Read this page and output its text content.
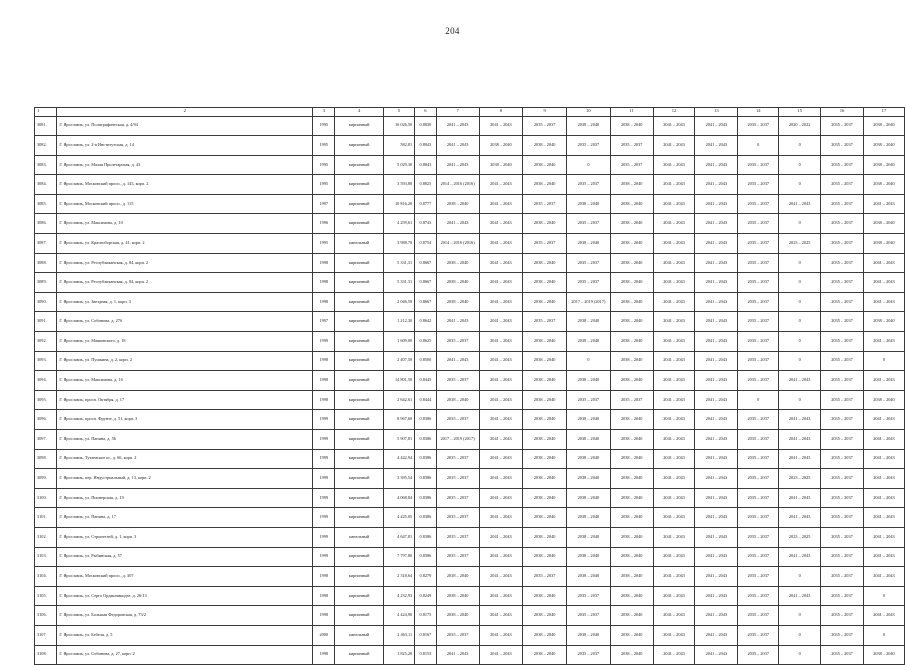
204
1	2	3	4	5	6	7	8	9	10	11	12	13	14	15	16	17
3081.	Г. Ярославль, ул. Полиграфическая, д. 4/94	1995	кирпичный	16 026,50	0.8830	2041 – 2043	2041 – 2043	2035 – 2037	2038 – 2040	2038 – 2040	2041 – 2043	2041 – 2043	2035 – 2037	2020 – 2022	2035 – 2037	2038 – 2040
3082.	Г. Ярославль, ул. 2-я Институтская, д. 14	1995	кирпичный	582,81	0.8843	2041 – 2043	2038 – 2040	2038 – 2040	2035 – 2037	2035 – 2037	2041 – 2043	2041 – 2043	0	0	2035 – 2037	2038 – 2040
3083.	Г. Ярославль, ул. Малая Пролетарская, д. 43	1995	кирпичный	5 029,30	0.8843	2041 – 2043	2038 – 2040	2038 – 2040	0	2035 – 2037	2041 – 2043	2041 – 2043	2035 – 2037	0	2035 – 2037	2038 – 2040
3084.	Г. Ярославль, Московский просп., д. 143, корп. 2	1995	кирпичный	3 593,80	0.8825	2014 – 2016 (2016)	2041 – 2043	2038 – 2040	2035 – 2037	2038 – 2040	2041 – 2043	2041 – 2043	2035 – 2037	0	2035 – 2037	2038 – 2040
3085.	Г. Ярославль, Московский просп., д. 115	1997	кирпичный	10 816,20	0.8777	2038 – 2040	2041 – 2043	2035 – 2037	2038 – 2040	2038 – 2040	2041 – 2043	2041 – 2043	2035 – 2037	2041 – 2043	2035 – 2037	2041 – 2043
3086.	Г. Ярославль, ул. Максимова, д. 10	1996	кирпичный	4 259,61	0.8743	2041 – 2043	2041 – 2043	2038 – 2040	2035 – 2037	2038 – 2040	2041 – 2043	2041 – 2043	2035 – 2037	0	2035 – 2037	2038 – 2040
3087.	Г. Ярославль, ул. Красноборская, д. 41, корп. 2	1995	панельный	3 988,70	0.8754	2014 – 2016 (2016)	2041 – 2043	2035 – 2037	2038 – 2040	2038 – 2040	2041 – 2043	2041 – 2043	2035 – 2037	2023 – 2025	2035 – 2037	2038 – 2040
3088.	Г. Ярославль, ул. Республиканская, д. 84, корп. 2	1998	кирпичный	5 331,31	0.8667	2038 – 2040	2041 – 2043	2038 – 2040	2035 – 2037	2038 – 2040	2041 – 2043	2041 – 2043	2035 – 2037	0	2035 – 2037	2041 – 2043
3089.	Г. Ярославль, ул. Республиканская, д. 84, корп. 2	1998	кирпичный	5 331,31	0.8667	2038 – 2040	2041 – 2043	2038 – 2040	2035 – 2037	2038 – 2040	2041 – 2043	2041 – 2043	2035 – 2037	0	2035 – 2037	2041 – 2043
3090.	Г. Ярославль, ул. Звездная, д. 1, корп. 3	1998	кирпичный	2 046,59	0.8667	2038 – 2040	2041 – 2043	2038 – 2040	2017 – 2019 (2017)	2038 – 2040	2041 – 2043	2041 – 2043	2035 – 2037	0	2035 – 2037	2041 – 2043
3091.	Г. Ярославль, ул. Собинова, д. 27б	1997	кирпичный	1 212,30	0.8642	2041 – 2043	2041 – 2043	2035 – 2037	2038 – 2040	2038 – 2040	2041 – 2043	2041 – 2043	2035 – 2037	0	2035 – 2037	2038 – 2040
3092.	Г. Ярославль, ул. Маяковского, д. 18	1999	кирпичный	1 609,00	0.8625	2035 – 2037	2041 – 2043	2038 – 2040	2038 – 2040	2038 – 2040	2041 – 2043	2041 – 2043	2035 – 2037	0	2035 – 2037	2041 – 2043
3093.	Г. Ярославль, ул. Пушкина, д. 2, корп. 2	1998	кирпичный	2 407,50	0.8500	2041 – 2043	2041 – 2043	2038 – 2040	0	2038 – 2040	2041 – 2043	2041 – 2043	2035 – 2037	0	2035 – 2037	0
3094.	Г. Ярославль, ул. Максимова, д. 16	1998	кирпичный	14 801,50	0.8445	2035 – 2037	2041 – 2043	2038 – 2040	2038 – 2040	2038 – 2040	2041 – 2043	2041 – 2043	2035 – 2037	2041 – 2043	2035 – 2037	2041 – 2043
3095.	Г. Ярославль, просп. Октября, д. 17	1998	кирпичный	2 642,61	0.8444	2038 – 2040	2041 – 2043	2038 – 2040	2035 – 2037	2035 – 2037	2041 – 2043	2041 – 2043	0	0	2035 – 2037	2038 – 2040
3096.	Г. Ярославль, просп. Фрунзе, д. 51, корп. 3	1999	кирпичный	8 967,60	0.8386	2035 – 2037	2041 – 2043	2038 – 2040	2038 – 2040	2038 – 2040	2041 – 2043	2041 – 2043	2035 – 2037	2041 – 2043	2035 – 2037	2041 – 2043
3097.	Г. Ярославль, ул. Панина, д. 56	1999	кирпичный	5 907,81	0.8386	2017 – 2019 (2017)	2041 – 2043	2038 – 2040	2038 – 2040	2038 – 2040	2041 – 2043	2041 – 2043	2035 – 2037	2041 – 2043	2035 – 2037	2041 – 2043
3098.	Г. Ярославль, Тутаевское ш., д. 66, корп. 2	1999	кирпичный	4 442,94	0.8386	2035 – 2037	2041 – 2043	2038 – 2040	2038 – 2040	2038 – 2040	2041 – 2043	2041 – 2043	2035 – 2037	2041 – 2043	2035 – 2037	2041 – 2043
3099.	Г. Ярославль, пер. Индустриальный, д. 13, корп. 2	1999	кирпичный	3 395,54	0.8386	2035 – 2037	2041 – 2043	2038 – 2040	2038 – 2040	2038 – 2040	2041 – 2043	2041 – 2043	2035 – 2037	2023 – 2025	2035 – 2037	2041 – 2043
3100.	Г. Ярославль, ул. Пионерская, д. 19	1999	кирпичный	4 068,84	0.8386	2035 – 2037	2041 – 2043	2038 – 2040	2038 – 2040	2038 – 2040	2041 – 2043	2041 – 2043	2035 – 2037	2041 – 2043	2035 – 2037	2041 – 2043
3101.	Г. Ярославль, ул. Панина, д. 17	1999	кирпичный	4 425,05	0.8386	2035 – 2037	2041 – 2043	2038 – 2040	2038 – 2040	2038 – 2040	2041 – 2043	2041 – 2043	2035 – 2037	2041 – 2043	2035 – 2037	2041 – 2043
3102.	Г. Ярославль, ул. Строителей, д. 1, корп. 3	1999	панельный	4 647,81	0.8386	2035 – 2037	2041 – 2043	2038 – 2040	2038 – 2040	2038 – 2040	2041 – 2043	2041 – 2043	2035 – 2037	2023 – 2025	2035 – 2037	2041 – 2043
3103.	Г. Ярославль, ул. Рыбинская, д. 57	1999	кирпичный	7 797,80	0.8386	2035 – 2037	2041 – 2043	2038 – 2040	2038 – 2040	2038 – 2040	2041 – 2043	2041 – 2043	2035 – 2037	2041 – 2043	2035 – 2037	2041 – 2043
3104.	Г. Ярославль, Московский просп., д. 307	1998	кирпичный	2 318,64	0.8279	2038 – 2040	2041 – 2043	2035 – 2037	2038 – 2040	2038 – 2040	2041 – 2043	2041 – 2043	2035 – 2037	0	2035 – 2037	2041 – 2043
3105.	Г. Ярославль, ул. Серго Орджоникидзе, д. 26/13	1998	кирпичный	4 232,93	0.8249	2038 – 2040	2041 – 2043	2038 – 2040	2035 – 2037	2038 – 2040	2041 – 2043	2041 – 2043	2035 – 2037	2041 – 2043	2035 – 2037	0
3106.	Г. Ярославль, ул. Большая Федоровская, д. 73/2	1998	кирпичный	4 424,90	0.8175	2038 – 2040	2041 – 2043	2038 – 2040	2035 – 2037	2038 – 2040	2041 – 2043	2041 – 2043	2035 – 2037	0	2035 – 2037	2041 – 2043
3107.	Г. Ярославль, ул. Бебеля, д. 5	2000	панельный	2 463,11	0.8167	2035 – 2037	2041 – 2043	2038 – 2040	2038 – 2040	2038 – 2040	2041 – 2043	2041 – 2043	2035 – 2037	0	2035 – 2037	0
3108.	Г. Ярославль, ул. Собинова, д. 27, корп. 2	1998	кирпичный	1 825,20	0.8153	2041 – 2043	2041 – 2043	2038 – 2040	2035 – 2037	2038 – 2040	2041 – 2043	2041 – 2043	2035 – 2037	0	2035 – 2037	2038 – 2040
